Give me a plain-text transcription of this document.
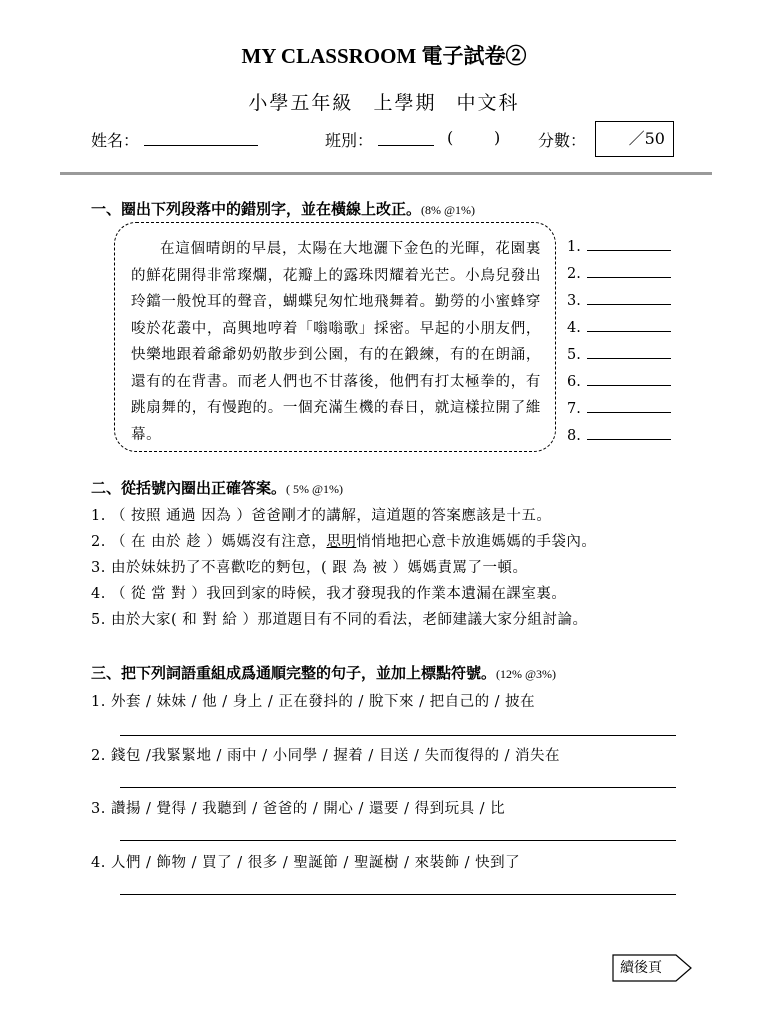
MY CLASSROOM 電子試卷②
小學五年級 上學期 中文科
姓名：	班別：	(	) 分數：	／50
一、圈出下列段落中的錯別字，並在橫線上改正。(8% @1%)

在這個晴朗的早晨，太陽在大地灑下金色的光暉，花園裏的鮮花開得非常璨爛，花瓣上的露珠閃耀着光芒。小鳥兒發出玲鐺一般悅耳的聲音，蝴蝶兒匆忙地飛舞着。勤勞的小蜜蜂穿唆於花叢中，高興地哼着「嗡嗡歌」採密。早起的小朋友們，快樂地跟着爺爺奶奶散步到公園，有的在鍛練，有的在朗誦，還有的在背書。而老人們也不甘落後，他們有打太極拳的，有跳扇舞的，有慢跑的。一個充滿生機的春日，就這樣拉開了維幕。

1.
2.
3.
4.
5.
6.
7.
8.
二、從括號內圈出正確答案。( 5% @1%)
1. （ 按照 通過 因為 ）爸爸剛才的講解，這道題的答案應該是十五。
2. （ 在 由於 趁 ）媽媽沒有注意，思明悄悄地把心意卡放進媽媽的手袋內。
3. 由於妹妹扔了不喜歡吃的麪包，( 跟 為 被 ）媽媽責罵了一頓。
4. （ 從 當 對 ）我回到家的時候，我才發現我的作業本遺漏在課室裏。
5. 由於大家( 和 對 給 ）那道題目有不同的看法，老師建議大家分組討論。
三、把下列詞語重組成爲通順完整的句子，並加上標點符號。(12% @3%)
1. 外套 / 妹妹 / 他 / 身上 / 正在發抖的 / 脫下來 / 把自己的 / 披在
2. 錢包 /我緊緊地 / 雨中 / 小同學 / 握着 / 目送 / 失而復得的 / 消失在
3. 讚揚 / 覺得 / 我聽到 / 爸爸的 / 開心 / 還要 / 得到玩具 / 比
4. 人們 / 飾物 / 買了 / 很多 / 聖誕節 / 聖誕樹 / 來裝飾 / 快到了
續後頁
